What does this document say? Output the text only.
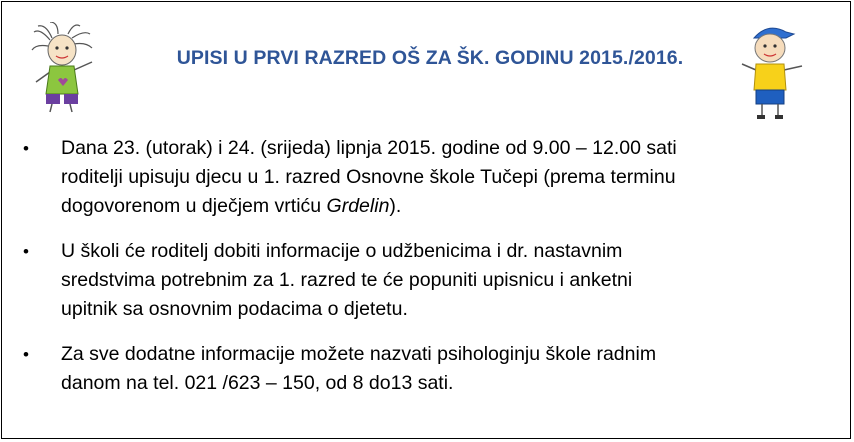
UPISI U PRVI RAZRED OŠ ZA ŠK. GODINU 2015./2016.
• Dana 23. (utorak) i 24. (srijeda) lipnja 2015. godine od 9.00 – 12.00 sati
roditelji upisuju djecu u 1. razred Osnovne škole Tučepi (prema terminu
dogovorenom u dječjem vrtiću Grdelin).
• U školi će roditelj dobiti informacije o udžbenicima i dr. nastavnim
sredstvima potrebnim za 1. razred te će popuniti upisnicu i anketni
upitnik sa osnovnim podacima o djetetu.
• Za sve dodatne informacije možete nazvati psihologinju škole radnim
danom na tel. 021 /623 – 150, od 8 do13 sati.
